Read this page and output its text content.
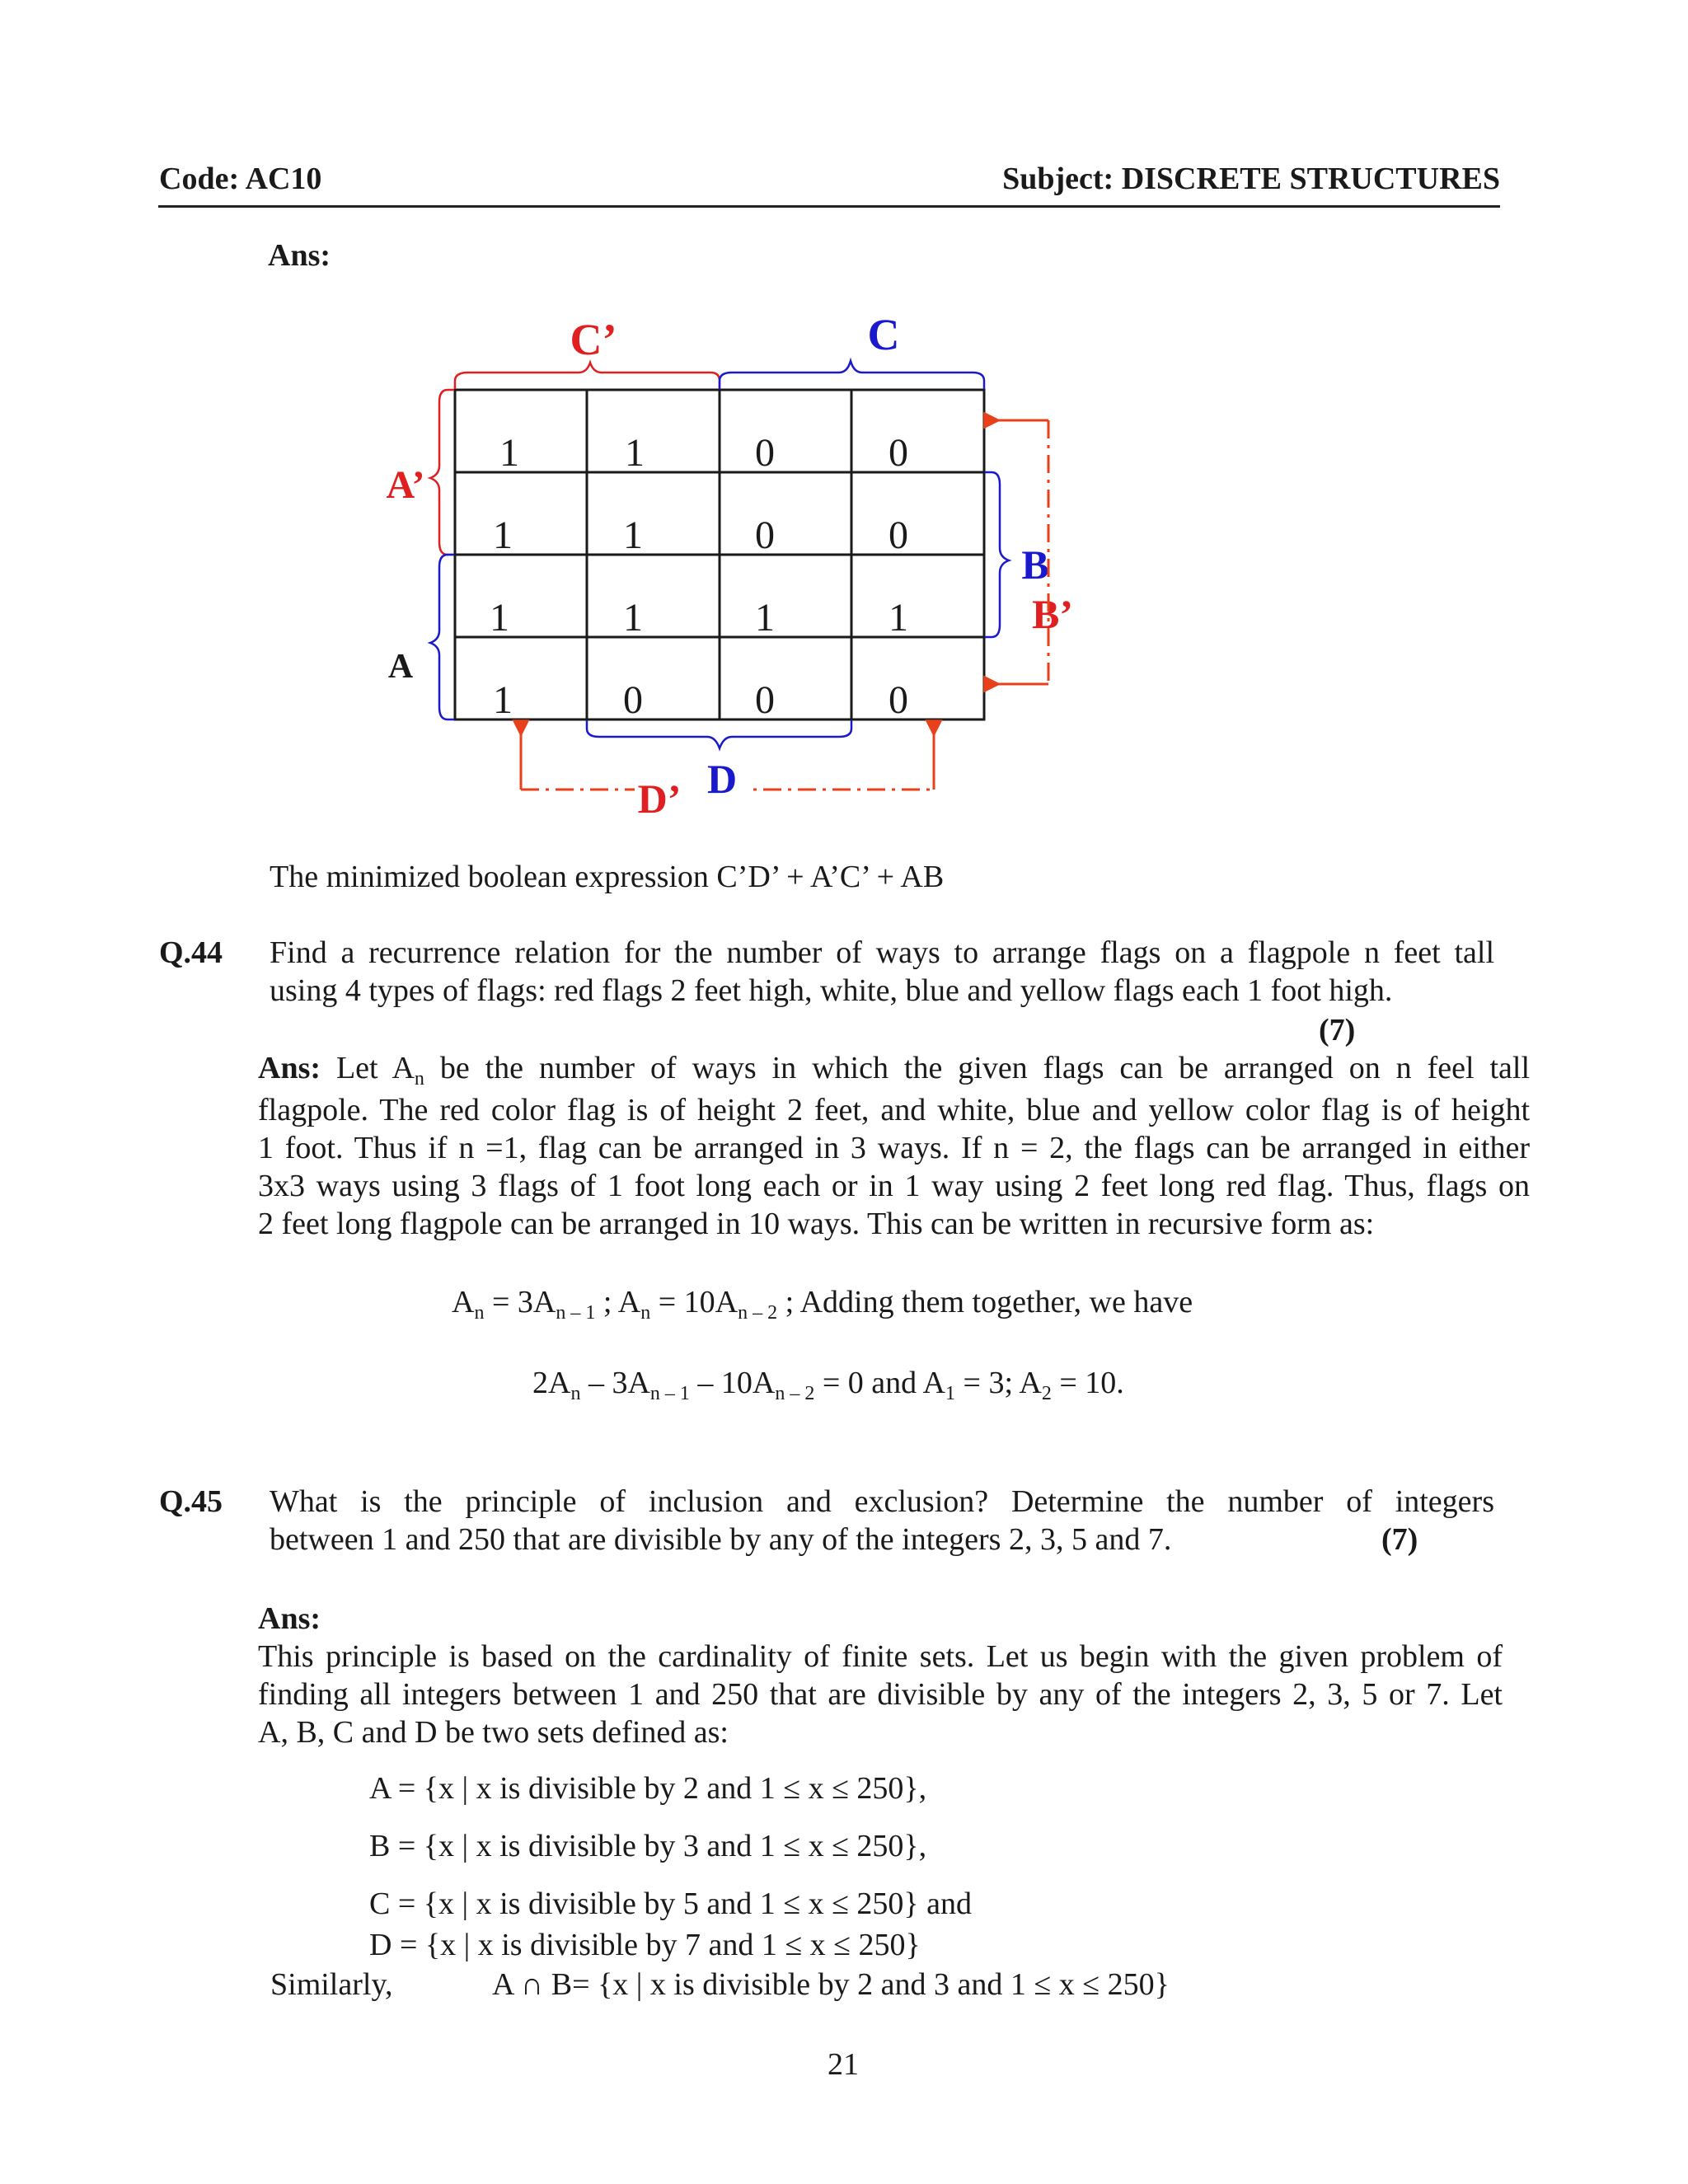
Code: AC10	Subject: DISCRETE STRUCTURES
Ans:
1	1	0	0
1	1	0	0
1	1	1	1
1	0	0	0
C’	C
A’
A
B
B’
D’ D
The minimized boolean expression C’D’ + A’C’ + AB
Q.44 Find a recurrence relation for the number of ways to arrange flags on a flagpole n feet tall
using 4 types of flags: red flags 2 feet high, white, blue and yellow flags each 1 foot high.
(7)
Ans: Let $A_n$ be the number of ways in which the given flags can be arranged on n feel tall
flagpole. The red color flag is of height 2 feet, and white, blue and yellow color flag is of height
1 foot. Thus if n =1, flag can be arranged in 3 ways. If n = 2, the flags can be arranged in either
3x3 ways using 3 flags of 1 foot long each or in 1 way using 2 feet long red flag. Thus, flags on
2 feet long flagpole can be arranged in 10 ways. This can be written in recursive form as:
$A_n = 3A_{n - 1}$ ; $A_n = 10A_{n - 2}$ ; Adding them together, we have
$2A_n - 3A_{n - 1} - 10A_{n - 2} = 0$ and $A_1 = 3$; $A_2 = 10$.
Q.45 What is the principle of inclusion and exclusion? Determine the number of integers
between 1 and 250 that are divisible by any of the integers 2, 3, 5 and 7.	(7)
Ans:
This principle is based on the cardinality of finite sets. Let us begin with the given problem of
finding all integers between 1 and 250 that are divisible by any of the integers 2, 3, 5 or 7. Let
A, B, C and D be two sets defined as:
A = {x | x is divisible by 2 and 1 ≤ x ≤ 250},
B = {x | x is divisible by 3 and 1 ≤ x ≤ 250},
C = {x | x is divisible by 5 and 1 ≤ x ≤ 250} and
D = {x | x is divisible by 7 and 1 ≤ x ≤ 250}
Similarly,	A ∩ B= {x | x is divisible by 2 and 3 and 1 ≤ x ≤ 250}
21
